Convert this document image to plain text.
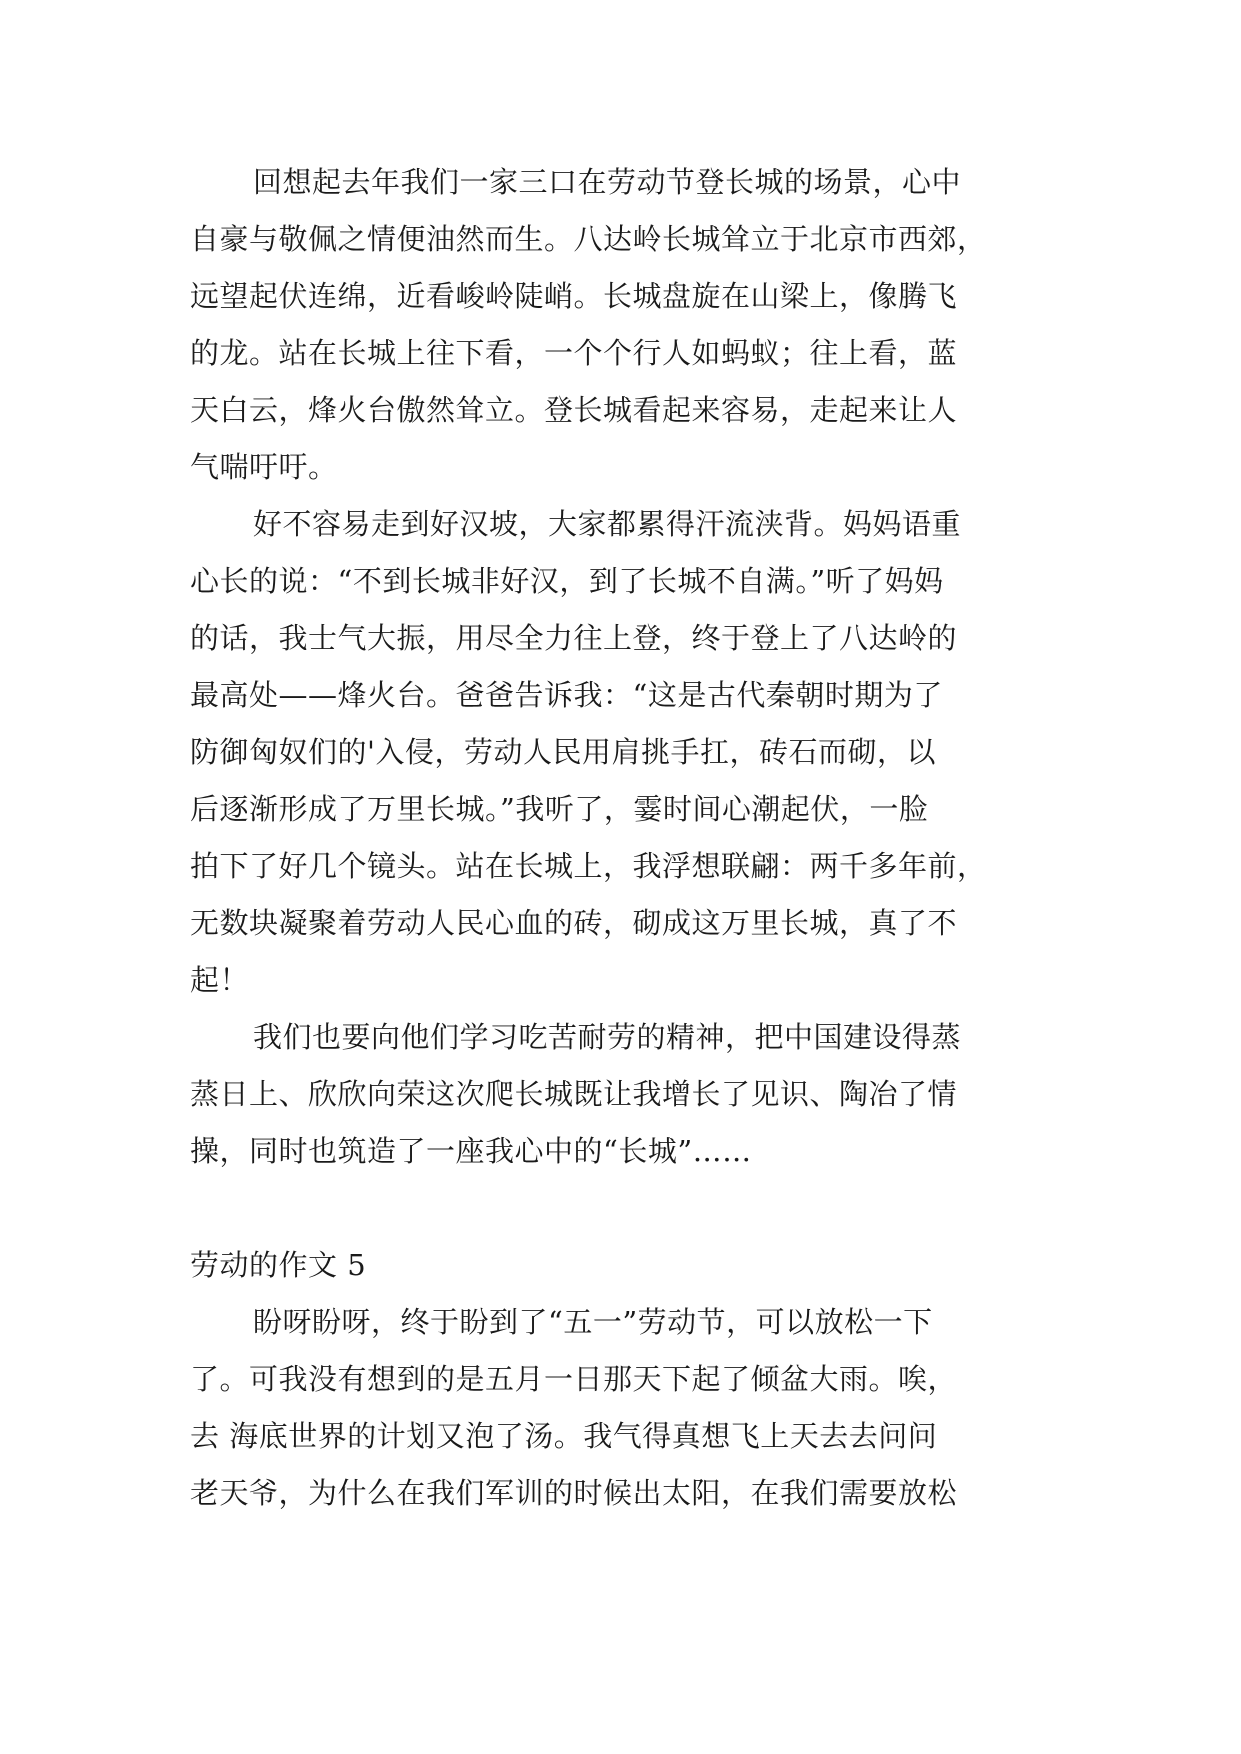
回想起去年我们一家三口在劳动节登长城的场景，心中
自豪与敬佩之情便油然而生。八达岭长城耸立于北京市西郊，
远望起伏连绵，近看峻岭陡峭。长城盘旋在山梁上，像腾飞
的龙。站在长城上往下看，一个个行人如蚂蚁；往上看，蓝
天白云，烽火台傲然耸立。登长城看起来容易，走起来让人
气喘吁吁。
好不容易走到好汉坡，大家都累得汗流浃背。妈妈语重
心长的说：“不到长城非好汉，到了长城不自满。”听了妈妈
的话，我士气大振，用尽全力往上登，终于登上了八达岭的
最高处——烽火台。爸爸告诉我：“这是古代秦朝时期为了
防御匈奴们的'入侵，劳动人民用肩挑手扛，砖石而砌，以
后逐渐形成了万里长城。”我听了，霎时间心潮起伏，一脸
拍下了好几个镜头。站在长城上，我浮想联翩：两千多年前，
无数块凝聚着劳动人民心血的砖，砌成这万里长城，真了不
起！
我们也要向他们学习吃苦耐劳的精神，把中国建设得蒸
蒸日上、欣欣向荣这次爬长城既让我增长了见识、陶冶了情
操，同时也筑造了一座我心中的“长城”……
劳动的作文 5
盼呀盼呀，终于盼到了“五一”劳动节，可以放松一下
了。可我没有想到的是五月一日那天下起了倾盆大雨。唉，
去 海底世界的计划又泡了汤。我气得真想飞上天去去问问
老天爷，为什么在我们军训的时候出太阳，在我们需要放松
